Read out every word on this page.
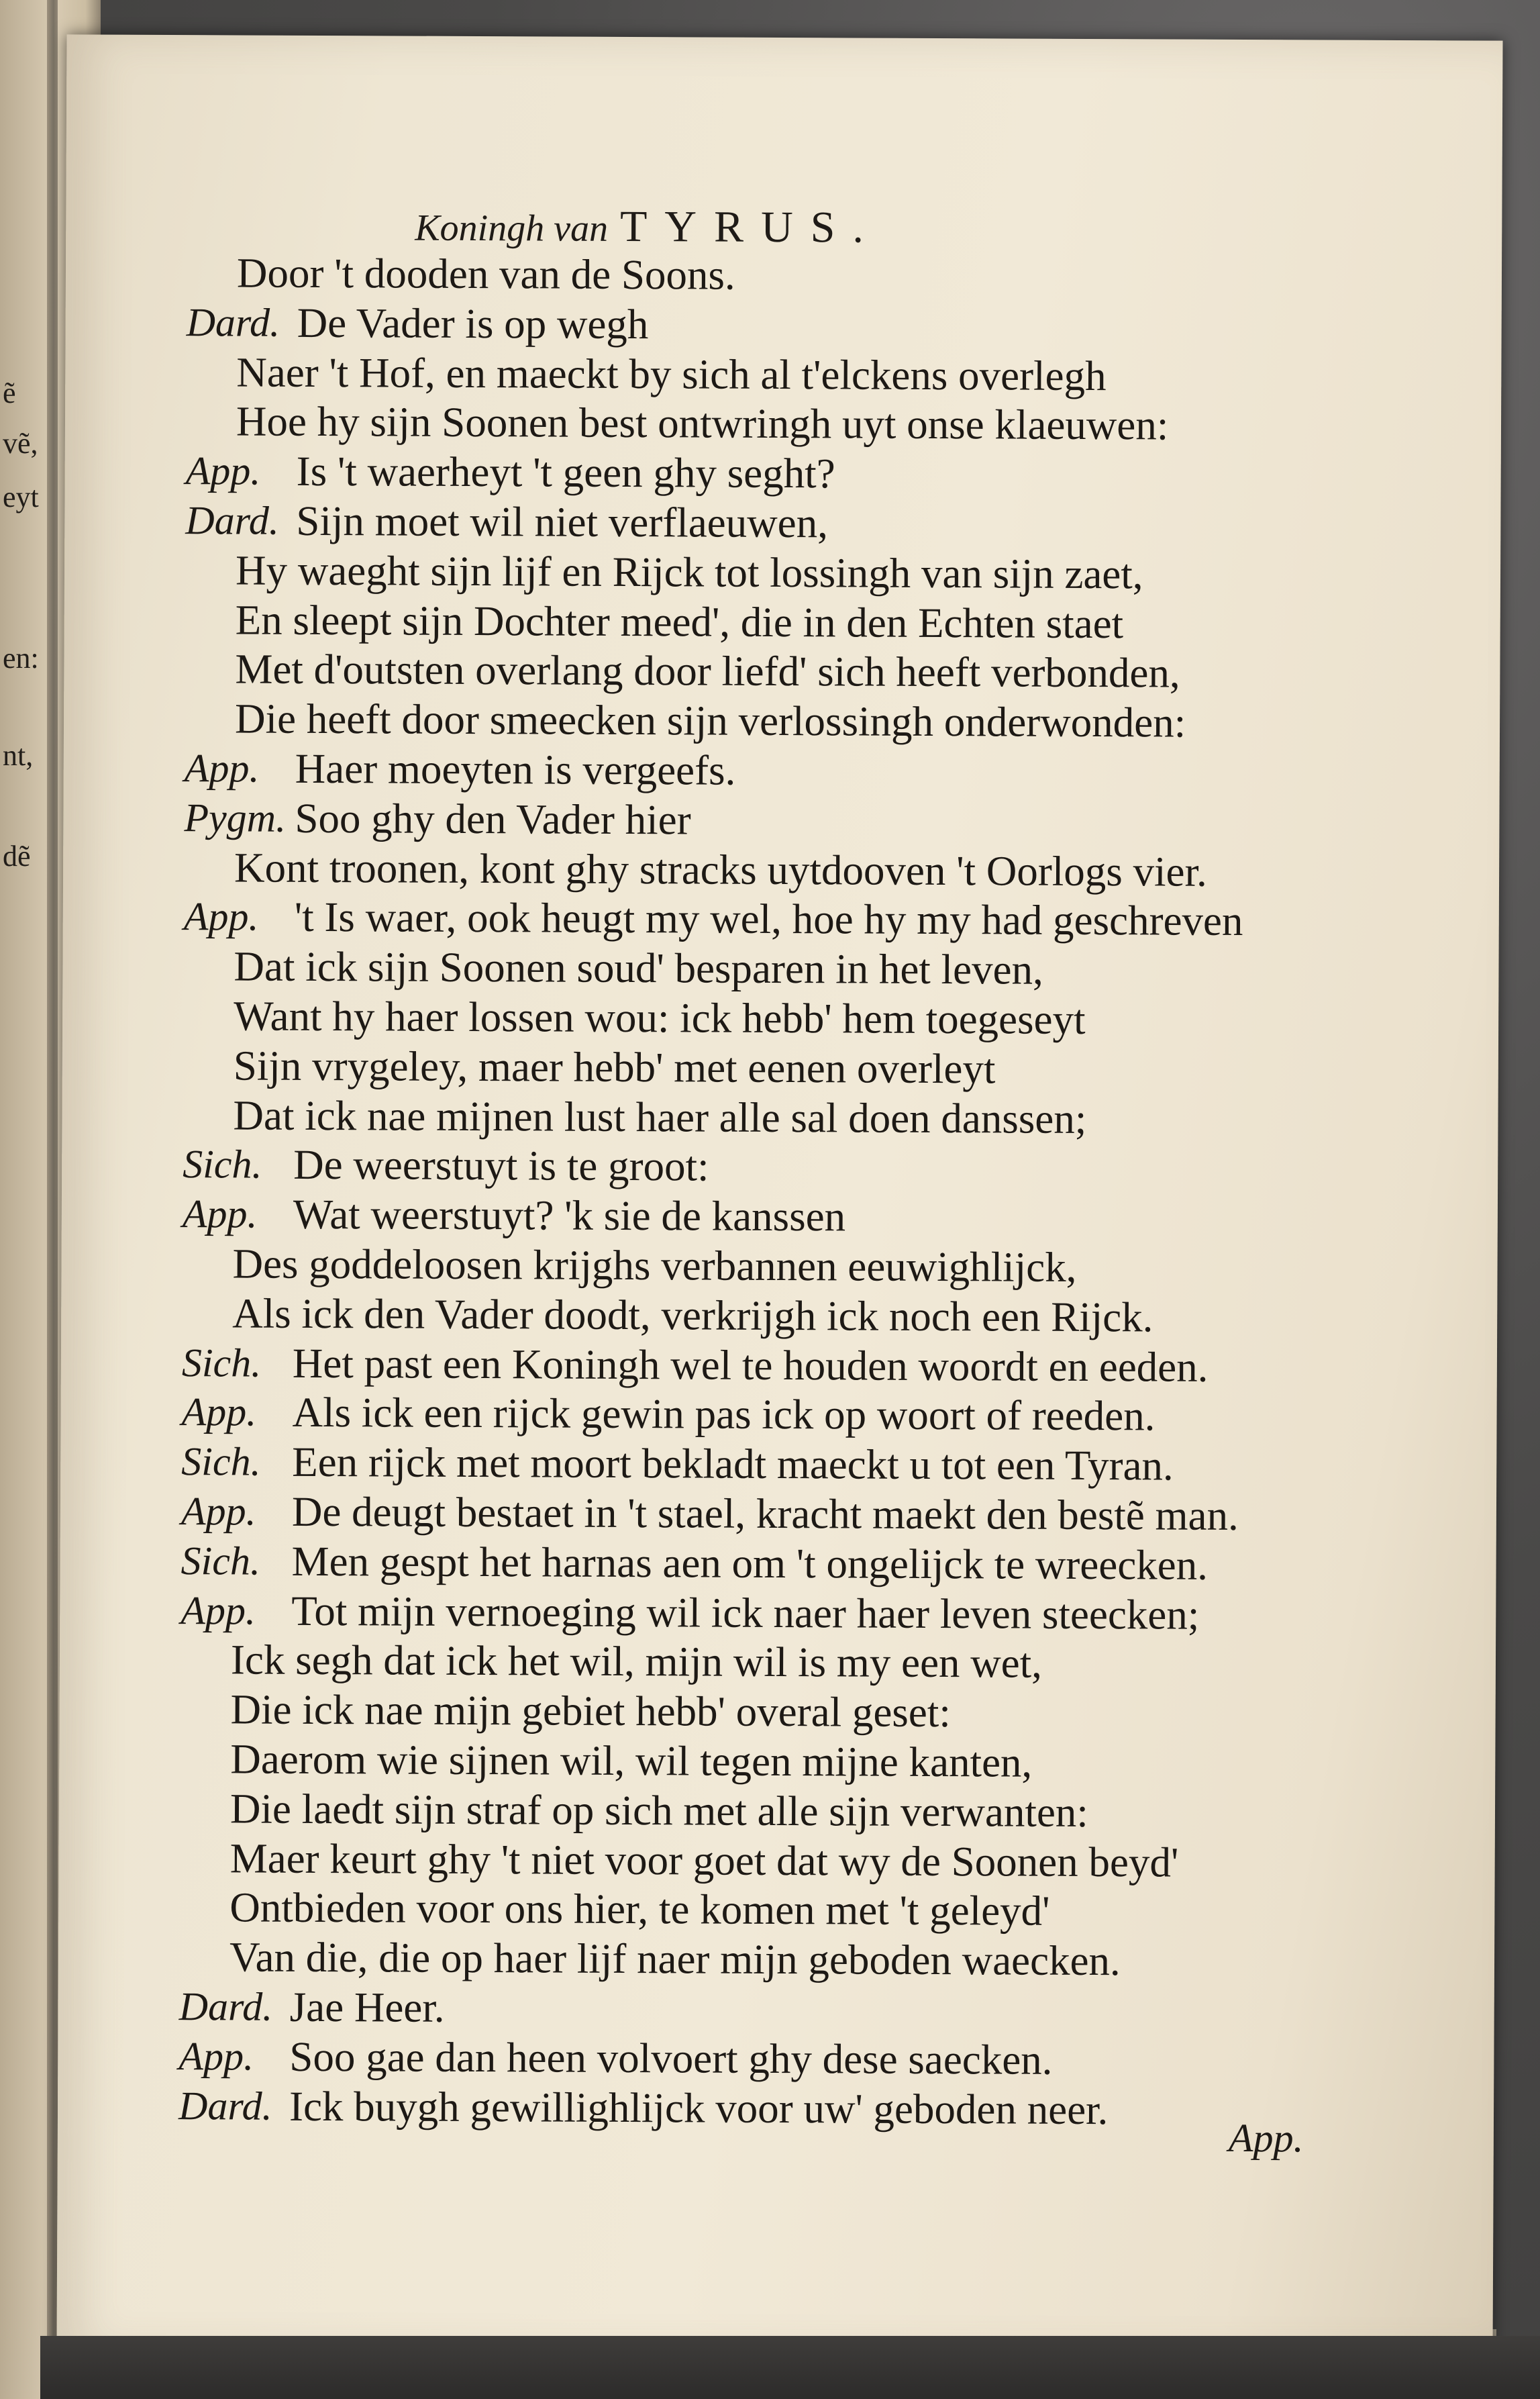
ẽ
vẽ,
eyt
en:
nt,
dẽ
Koningh van TYRUS.
Door 't dooden van de Soons.
Dard. De Vader is op wegh
Naer 't Hof, en maeckt by sich al t'elckens overlegh
Hoe hy sijn Soonen best ontwringh uyt onse klaeuwen:
App. Is 't waerheyt 't geen ghy seght?
Dard. Sijn moet wil niet verflaeuwen,
Hy waeght sijn lijf en Rijck tot lossingh van sijn zaet,
En sleept sijn Dochter meed', die in den Echten staet
Met d'outsten overlang door liefd' sich heeft verbonden,
Die heeft door smeecken sijn verlossingh onderwonden:
App. Haer moeyten is vergeefs.
Pygm. Soo ghy den Vader hier
Kont troonen, kont ghy stracks uytdooven 't Oorlogs vier.
App. 't Is waer, ook heugt my wel, hoe hy my had geschreven
Dat ick sijn Soonen soud' besparen in het leven,
Want hy haer lossen wou: ick hebb' hem toegeseyt
Sijn vrygeley, maer hebb' met eenen overleyt
Dat ick nae mijnen lust haer alle sal doen danssen;
Sich. De weerstuyt is te groot:
App. Wat weerstuyt? 'k sie de kanssen
Des goddeloosen krijghs verbannen eeuwighlijck,
Als ick den Vader doodt, verkrijgh ick noch een Rijck.
Sich. Het past een Koningh wel te houden woordt en eeden.
App. Als ick een rijck gewin pas ick op woort of reeden.
Sich. Een rijck met moort bekladt maeckt u tot een Tyran.
App. De deugt bestaet in 't stael, kracht maekt den bestẽ man.
Sich. Men gespt het harnas aen om 't ongelijck te wreecken.
App. Tot mijn vernoeging wil ick naer haer leven steecken;
Ick segh dat ick het wil, mijn wil is my een wet,
Die ick nae mijn gebiet hebb' overal geset:
Daerom wie sijnen wil, wil tegen mijne kanten,
Die laedt sijn straf op sich met alle sijn verwanten:
Maer keurt ghy 't niet voor goet dat wy de Soonen beyd'
Ontbieden voor ons hier, te komen met 't geleyd'
Van die, die op haer lijf naer mijn geboden waecken.
Dard. Jae Heer.
App. Soo gae dan heen volvoert ghy dese saecken.
Dard. Ick buygh gewillighlijck voor uw' geboden neer.
App.
